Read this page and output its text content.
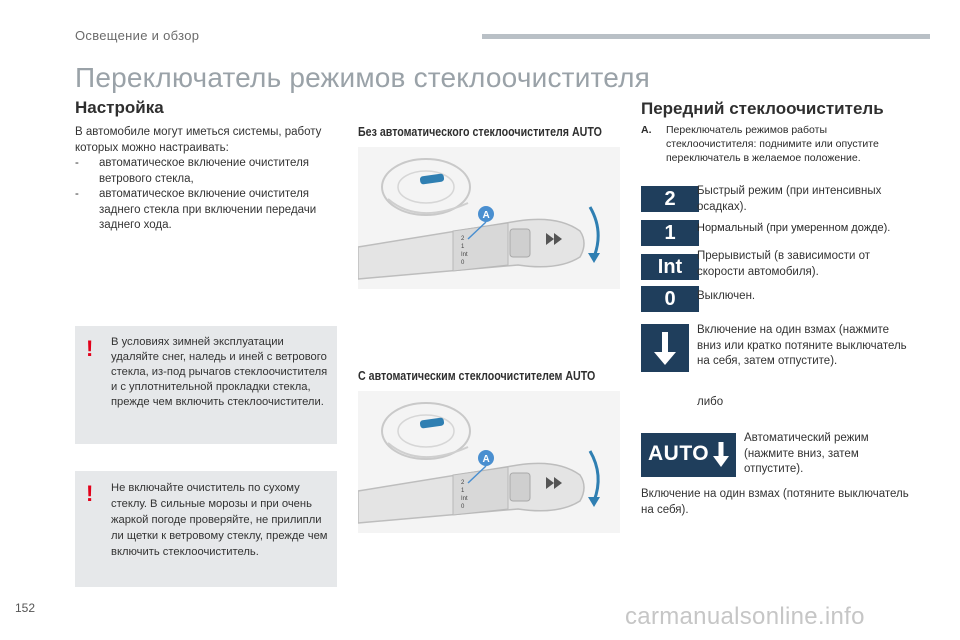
Освещение и обзор
Переключатель режимов стеклоочистителя
Настройка
В автомобиле могут иметься системы, работу которых можно настраивать:
- автоматическое включение очистителя ветрового стекла,
- автоматическое включение очистителя заднего стекла при включении передачи заднего хода.
! В условиях зимней эксплуатации удаляйте снег, наледь и иней с ветрового стекла, из-под рычагов стеклоочистителя и с уплотнительной прокладки стекла, прежде чем включить стеклоочистители.
! Не включайте очиститель по сухому стеклу. В сильные морозы и при очень жаркой погоде проверяйте, не прилипли ли щетки к ветровому стеклу, прежде чем включить стеклоочиститель.
Без автоматического стеклоочистителя AUTO
2
1
Int
0
A
С автоматическим стеклоочистителем AUTO
2
1
Int
0
A
Передний стеклоочиститель
A. Переключатель режимов работы стеклоочистителя: поднимите или опустите переключатель в желаемое положение.
2	Быстрый режим (при интенсивных осадках).
1	Нормальный (при умеренном дожде).
Int	Прерывистый (в зависимости от скорости автомобиля).
0	Выключен.
Включение на один взмах (нажмите вниз или кратко потяните выключатель на себя, затем отпустите).
либо
AUTO
Автоматический режим (нажмите вниз, затем отпустите).
Включение на один взмах (потяните выключатель на себя).
152	carmanualsonline.info
